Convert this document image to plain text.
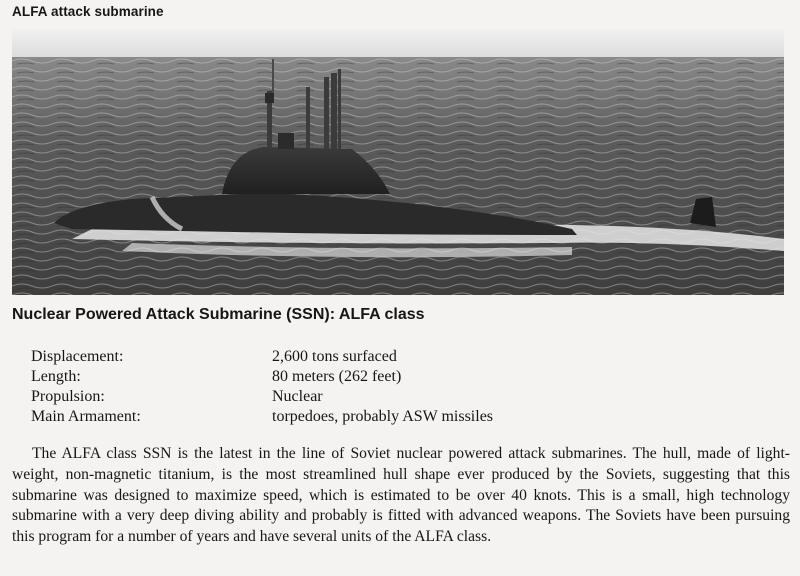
ALFA attack submarine
Nuclear Powered Attack Submarine (SSN): ALFA class
Displacement:	2,600 tons surfaced
Length:	80 meters (262 feet)
Propulsion:	Nuclear
Main Armament:	torpedoes, probably ASW missiles

The ALFA class SSN is the latest in the line of Soviet nuclear powered attack submarines. The hull, made of light-weight, non-magnetic titanium, is the most streamlined hull shape ever produced by the Soviets, suggesting that this submarine was designed to maximize speed, which is estimated to be over 40 knots. This is a small, high technology submarine with a very deep diving ability and probably is fitted with advanced weapons. The Soviets have been pursuing this program for a number of years and have several units of the ALFA class.
